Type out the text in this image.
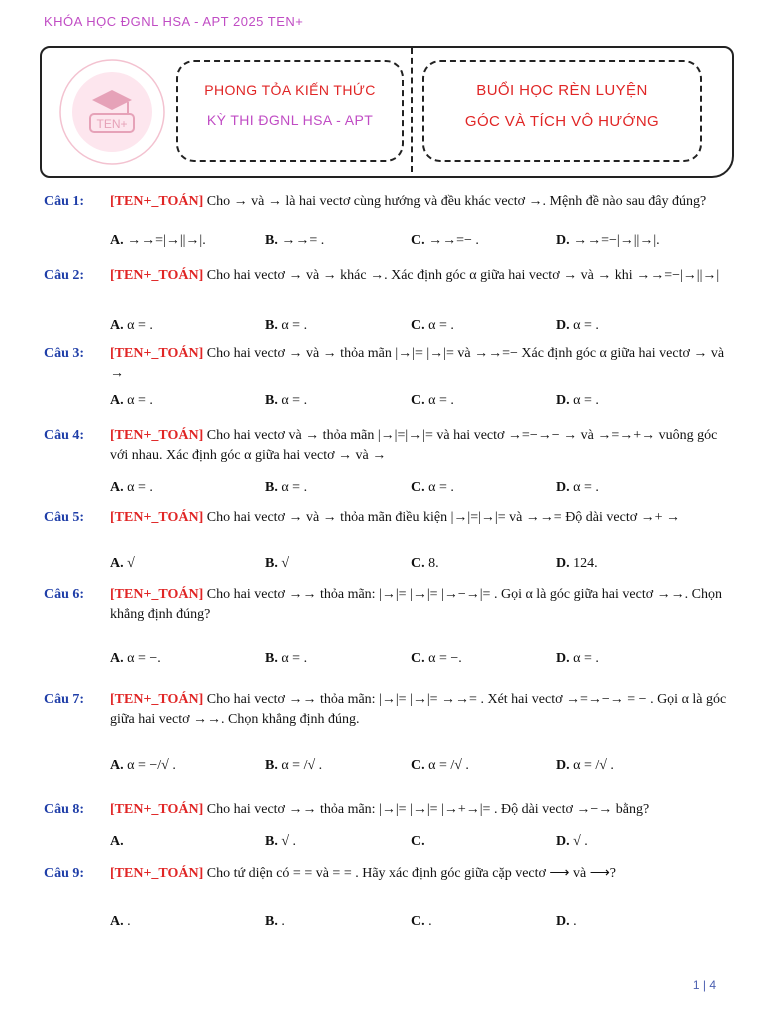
KHÓA HỌC ĐGNL HSA - APT 2025 TEN+
TEN+
PHONG TỎA KIẾN THỨC
KỲ THI ĐGNL HSA - APT
BUỔI HỌC RÈN LUYỆN
GÓC VÀ TÍCH VÔ HƯỚNG
Câu 1: [TEN+_TOÁN] Cho → và → là hai vectơ cùng hướng và đều khác vectơ →. Mệnh đề nào sau đây đúng?
A. →→=|→||→|.	B. →→= .	C. →→=− .	D. →→=−|→||→|.
Câu 2: [TEN+_TOÁN] Cho hai vectơ → và → khác →. Xác định góc α giữa hai vectơ → và → khi →→=−|→||→|
A. α = .	B. α = .	C. α = .	D. α = .
Câu 3: [TEN+_TOÁN] Cho hai vectơ → và → thỏa mãn |→|= |→|= và →→=− Xác định góc α giữa hai vectơ → và →
A. α = .	B. α = .	C. α = .	D. α = .
Câu 4: [TEN+_TOÁN] Cho hai vectơ và → thỏa mãn |→|=|→|= và hai vectơ →=−→− → và →=→+→ vuông góc với nhau. Xác định góc α giữa hai vectơ → và →
A. α = .	B. α = .	C. α = .	D. α = .
Câu 5: [TEN+_TOÁN] Cho hai vectơ → và → thỏa mãn điều kiện |→|=|→|= và →→= Độ dài vectơ →+ →
A. √	B. √	C. 8.	D. 124.
Câu 6: [TEN+_TOÁN] Cho hai vectơ →→ thỏa mãn: |→|= |→|= |→−→|= . Gọi α là góc giữa hai vectơ →→. Chọn khẳng định đúng?
A. α = −.	B. α = .	C. α = −.	D. α = .
Câu 7: [TEN+_TOÁN] Cho hai vectơ →→ thỏa mãn: |→|= |→|= →→= . Xét hai vectơ →=→−→ = − . Gọi α là góc giữa hai vectơ →→. Chọn khẳng định đúng.
A. α = −/√ .	B. α = /√ .	C. α = /√ .	D. α = /√ .
Câu 8: [TEN+_TOÁN] Cho hai vectơ →→ thỏa mãn: |→|= |→|= |→+→|= . Độ dài vectơ →−→ bằng?
A.	B. √ .	C.	D. √ .
Câu 9: [TEN+_TOÁN] Cho tứ diện có = = và = = . Hãy xác định góc giữa cặp vectơ ⟶ và ⟶?
A. .	B. .	C. .	D. .
1 | 4
